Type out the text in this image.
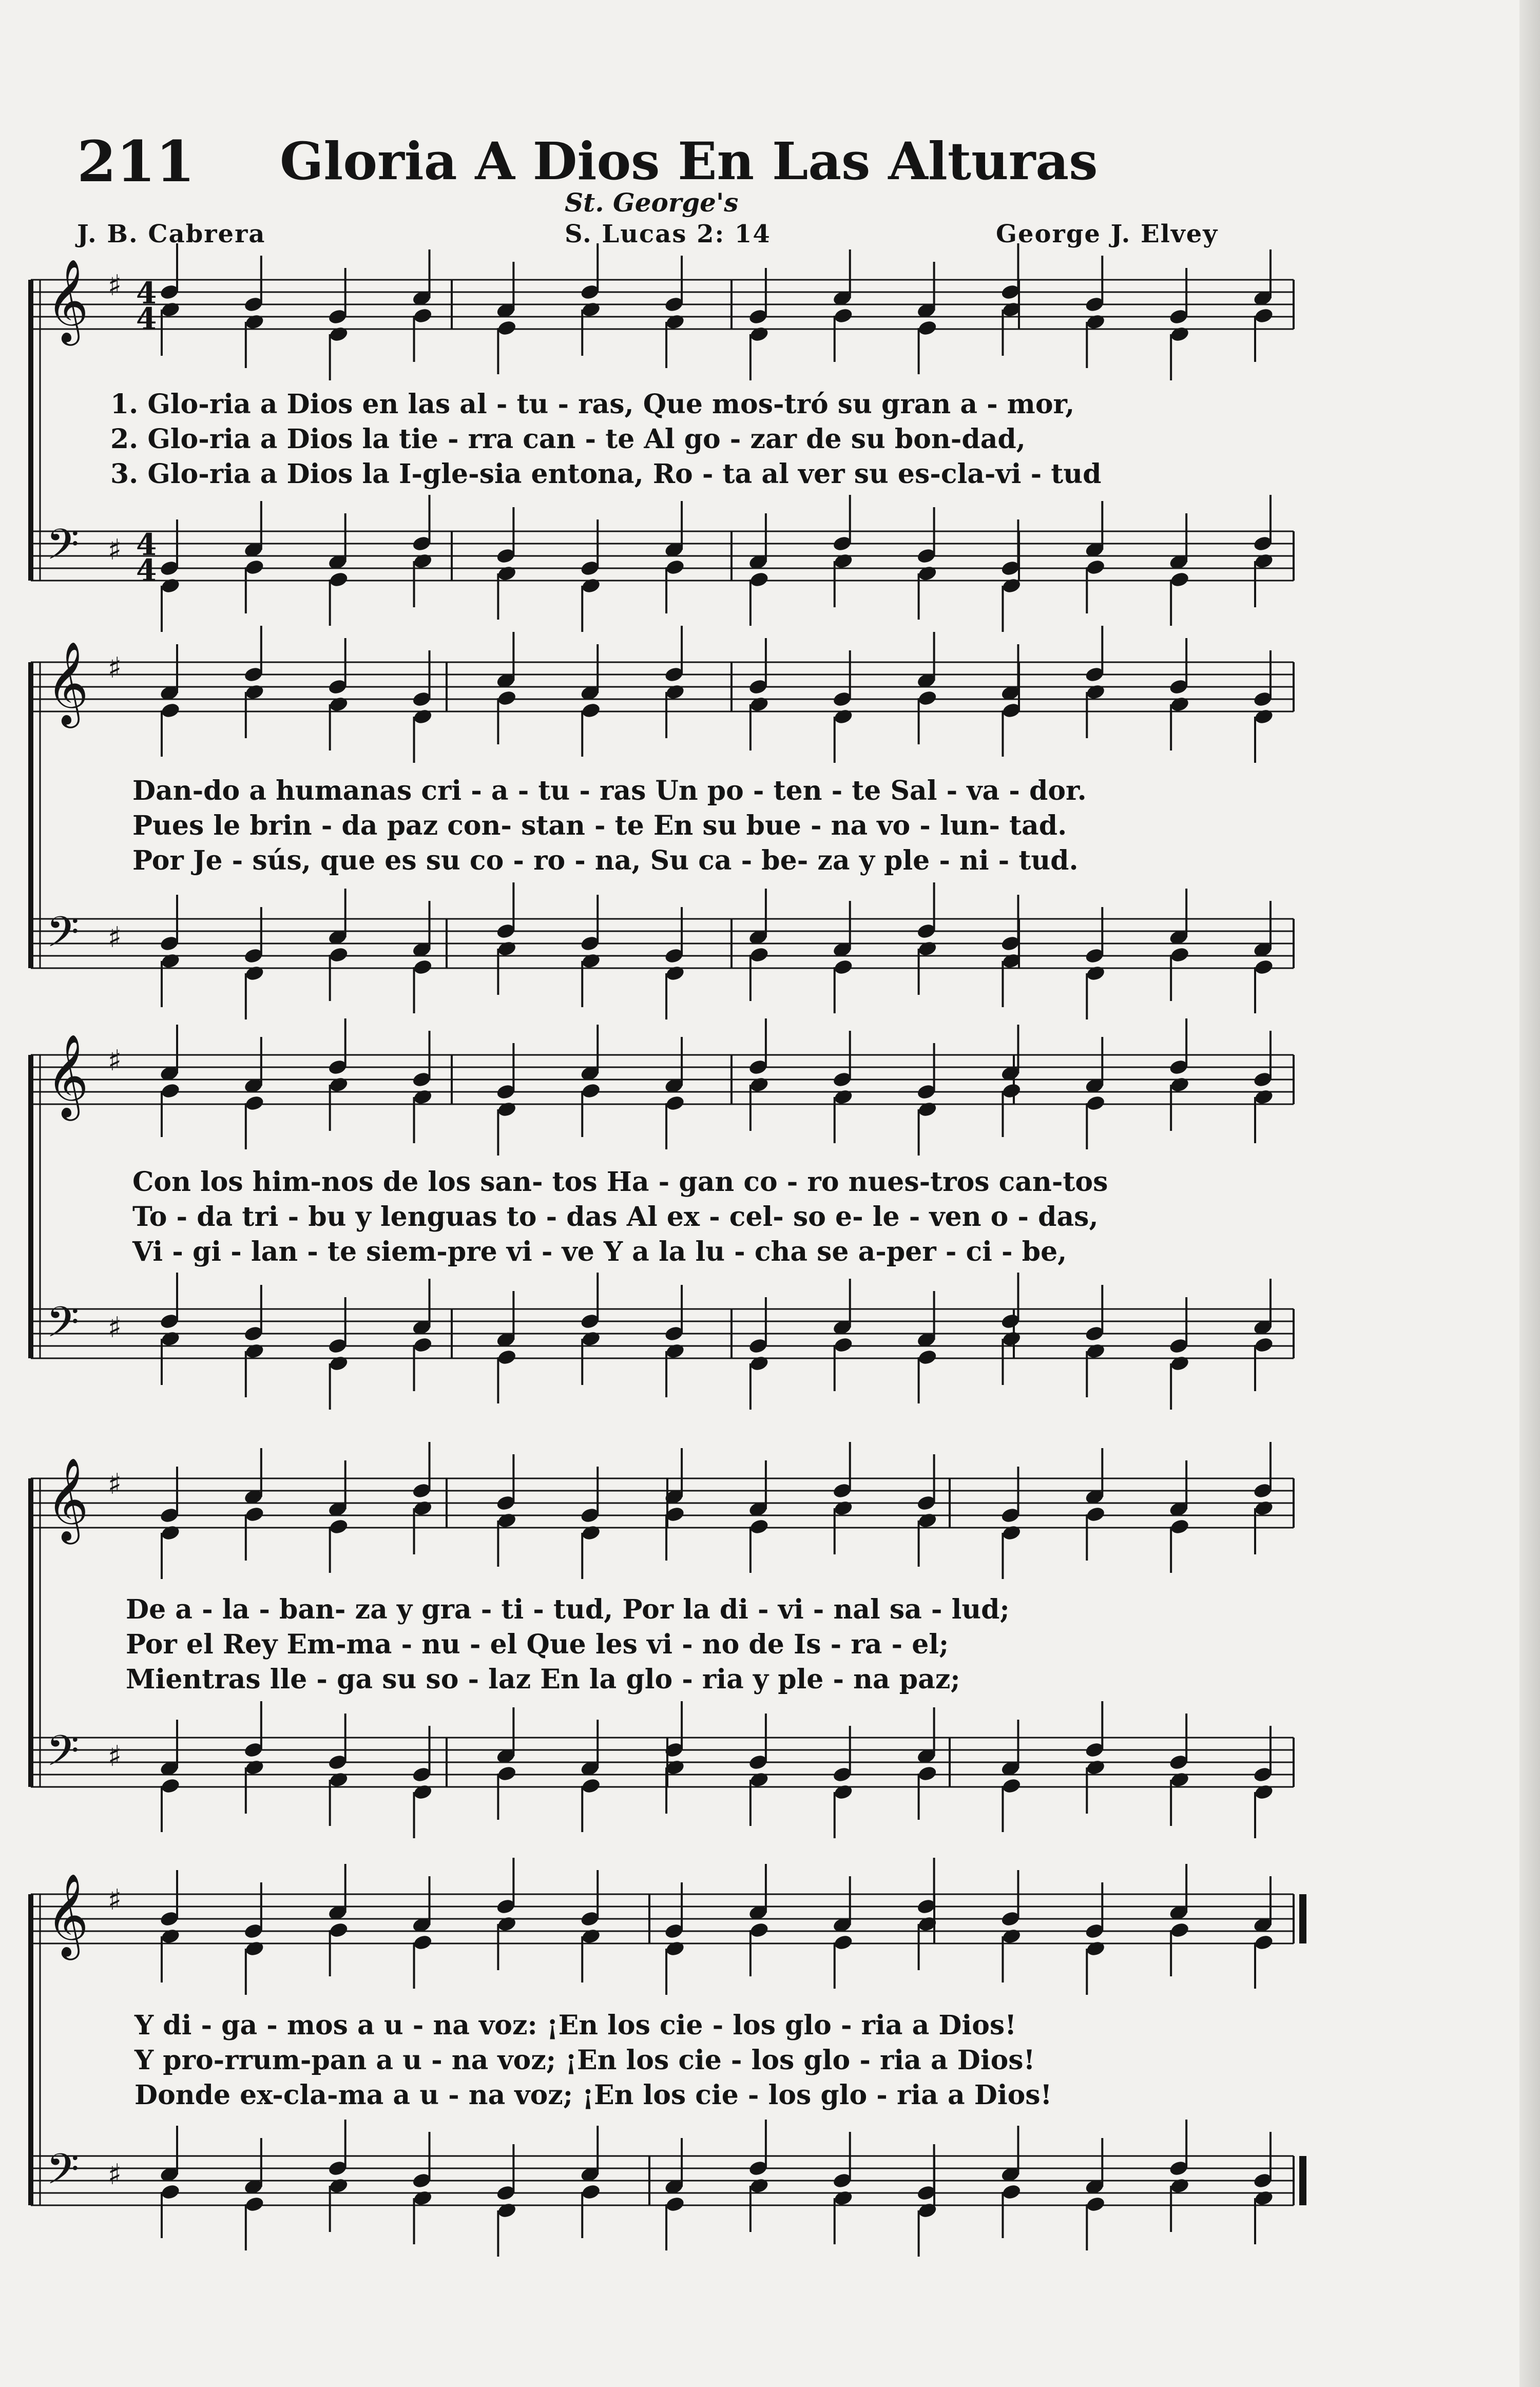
211 Gloria A Dios En Las Alturas
St. George's
J. B. Cabrera	S. Lucas 2: 14	George J. Elvey
𝄞 ♯
𝄢 ♯
4
4
4
4
𝄞 ♯
𝄢 ♯
𝄞 ♯
𝄢 ♯
𝄞 ♯
𝄢 ♯
𝄞 ♯
𝄢 ♯
1. Glo-ria a Dios en las al - tu - ras, Que mos-tró su gran a - mor,
2. Glo-ria a Dios la tie - rra can - te Al go - zar de su bon-dad,
3. Glo-ria a Dios la I-gle-sia entona, Ro - ta al ver su es-cla-vi - tud
Dan-do a humanas cri - a - tu - ras Un po - ten - te Sal - va - dor.
Pues le brin - da paz con- stan - te En su bue - na vo - lun- tad.
Por Je - sús, que es su co - ro - na, Su ca - be- za y ple - ni - tud.
Con los him-nos de los san- tos Ha - gan co - ro nues-tros can-tos
To - da tri - bu y lenguas to - das Al ex - cel- so e- le - ven o - das,
Vi - gi - lan - te siem-pre vi - ve Y a la lu - cha se a-per - ci - be,
De a - la - ban- za y gra - ti - tud, Por la di - vi - nal sa - lud;
Por el Rey Em-ma - nu - el Que les vi - no de Is - ra - el;
Mientras lle - ga su so - laz En la glo - ria y ple - na paz;
Y di - ga - mos a u - na voz: ¡En los cie - los glo - ria a Dios!
Y pro-rrum-pan a u - na voz; ¡En los cie - los glo - ria a Dios!
Donde ex-cla-ma a u - na voz; ¡En los cie - los glo - ria a Dios!
